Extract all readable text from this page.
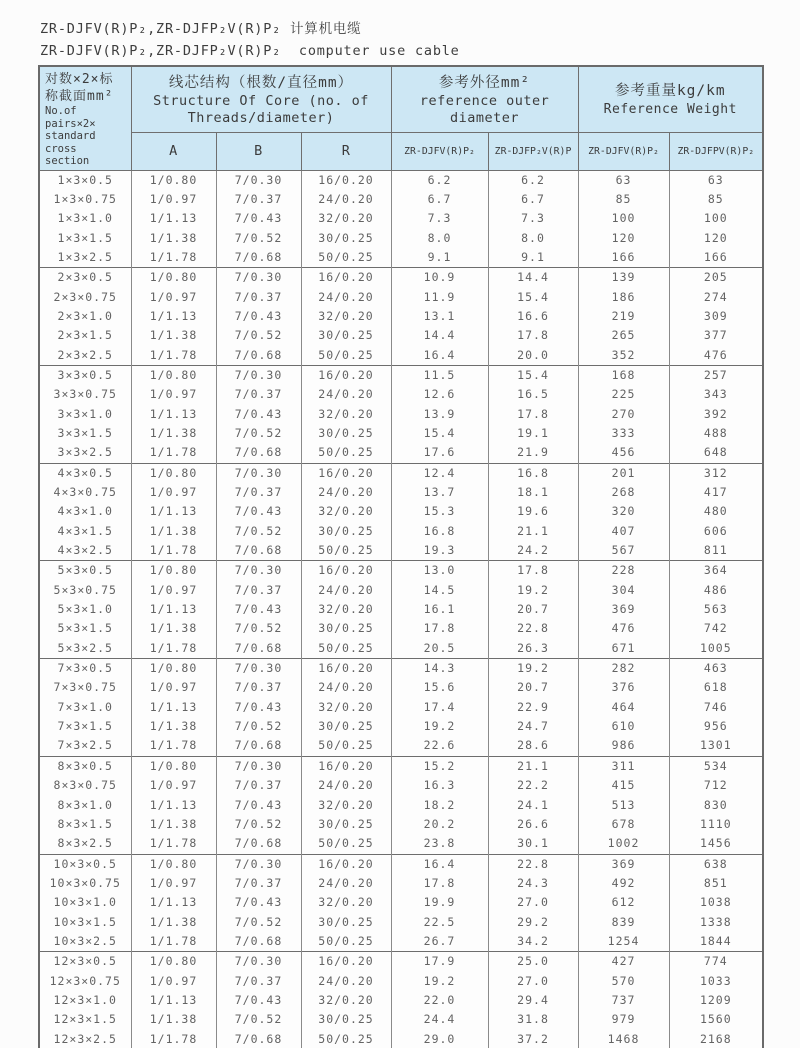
ZR-DJFV(R)P₂,ZR-DJFP₂V(R)P₂ 计算机电缆
ZR-DJFV(R)P₂,ZR-DJFP₂V(R)P₂  computer use cable
对数×2×标
称截面mm²
No.of pairs×2×
standard cross
section

线芯结构（根数/直径mm）
Structure Of Core (no. of
Threads/diameter)

参考外径mm²
reference outer diameter

参考重量kg/km
Reference Weight

	A	B	R	ZR-DJFV(R)P₂	ZR-DJFP₂V(R)P	ZR-DJFV(R)P₂	ZR-DJFPV(R)P₂
1×3×0.5	1/0.80	7/0.30	16/0.20	6.2	6.2	63	63
1×3×0.75	1/0.97	7/0.37	24/0.20	6.7	6.7	85	85
1×3×1.0	1/1.13	7/0.43	32/0.20	7.3	7.3	100	100
1×3×1.5	1/1.38	7/0.52	30/0.25	8.0	8.0	120	120
1×3×2.5	1/1.78	7/0.68	50/0.25	9.1	9.1	166	166
2×3×0.5	1/0.80	7/0.30	16/0.20	10.9	14.4	139	205
2×3×0.75	1/0.97	7/0.37	24/0.20	11.9	15.4	186	274
2×3×1.0	1/1.13	7/0.43	32/0.20	13.1	16.6	219	309
2×3×1.5	1/1.38	7/0.52	30/0.25	14.4	17.8	265	377
2×3×2.5	1/1.78	7/0.68	50/0.25	16.4	20.0	352	476
3×3×0.5	1/0.80	7/0.30	16/0.20	11.5	15.4	168	257
3×3×0.75	1/0.97	7/0.37	24/0.20	12.6	16.5	225	343
3×3×1.0	1/1.13	7/0.43	32/0.20	13.9	17.8	270	392
3×3×1.5	1/1.38	7/0.52	30/0.25	15.4	19.1	333	488
3×3×2.5	1/1.78	7/0.68	50/0.25	17.6	21.9	456	648
4×3×0.5	1/0.80	7/0.30	16/0.20	12.4	16.8	201	312
4×3×0.75	1/0.97	7/0.37	24/0.20	13.7	18.1	268	417
4×3×1.0	1/1.13	7/0.43	32/0.20	15.3	19.6	320	480
4×3×1.5	1/1.38	7/0.52	30/0.25	16.8	21.1	407	606
4×3×2.5	1/1.78	7/0.68	50/0.25	19.3	24.2	567	811
5×3×0.5	1/0.80	7/0.30	16/0.20	13.0	17.8	228	364
5×3×0.75	1/0.97	7/0.37	24/0.20	14.5	19.2	304	486
5×3×1.0	1/1.13	7/0.43	32/0.20	16.1	20.7	369	563
5×3×1.5	1/1.38	7/0.52	30/0.25	17.8	22.8	476	742
5×3×2.5	1/1.78	7/0.68	50/0.25	20.5	26.3	671	1005
7×3×0.5	1/0.80	7/0.30	16/0.20	14.3	19.2	282	463
7×3×0.75	1/0.97	7/0.37	24/0.20	15.6	20.7	376	618
7×3×1.0	1/1.13	7/0.43	32/0.20	17.4	22.9	464	746
7×3×1.5	1/1.38	7/0.52	30/0.25	19.2	24.7	610	956
7×3×2.5	1/1.78	7/0.68	50/0.25	22.6	28.6	986	1301
8×3×0.5	1/0.80	7/0.30	16/0.20	15.2	21.1	311	534
8×3×0.75	1/0.97	7/0.37	24/0.20	16.3	22.2	415	712
8×3×1.0	1/1.13	7/0.43	32/0.20	18.2	24.1	513	830
8×3×1.5	1/1.38	7/0.52	30/0.25	20.2	26.6	678	1110
8×3×2.5	1/1.78	7/0.68	50/0.25	23.8	30.1	1002	1456
10×3×0.5	1/0.80	7/0.30	16/0.20	16.4	22.8	369	638
10×3×0.75	1/0.97	7/0.37	24/0.20	17.8	24.3	492	851
10×3×1.0	1/1.13	7/0.43	32/0.20	19.9	27.0	612	1038
10×3×1.5	1/1.38	7/0.52	30/0.25	22.5	29.2	839	1338
10×3×2.5	1/1.78	7/0.68	50/0.25	26.7	34.2	1254	1844
12×3×0.5	1/0.80	7/0.30	16/0.20	17.9	25.0	427	774
12×3×0.75	1/0.97	7/0.37	24/0.20	19.2	27.0	570	1033
12×3×1.0	1/1.13	7/0.43	32/0.20	22.0	29.4	737	1209
12×3×1.5	1/1.38	7/0.52	30/0.25	24.4	31.8	979	1560
12×3×2.5	1/1.78	7/0.68	50/0.25	29.0	37.2	1468	2168
